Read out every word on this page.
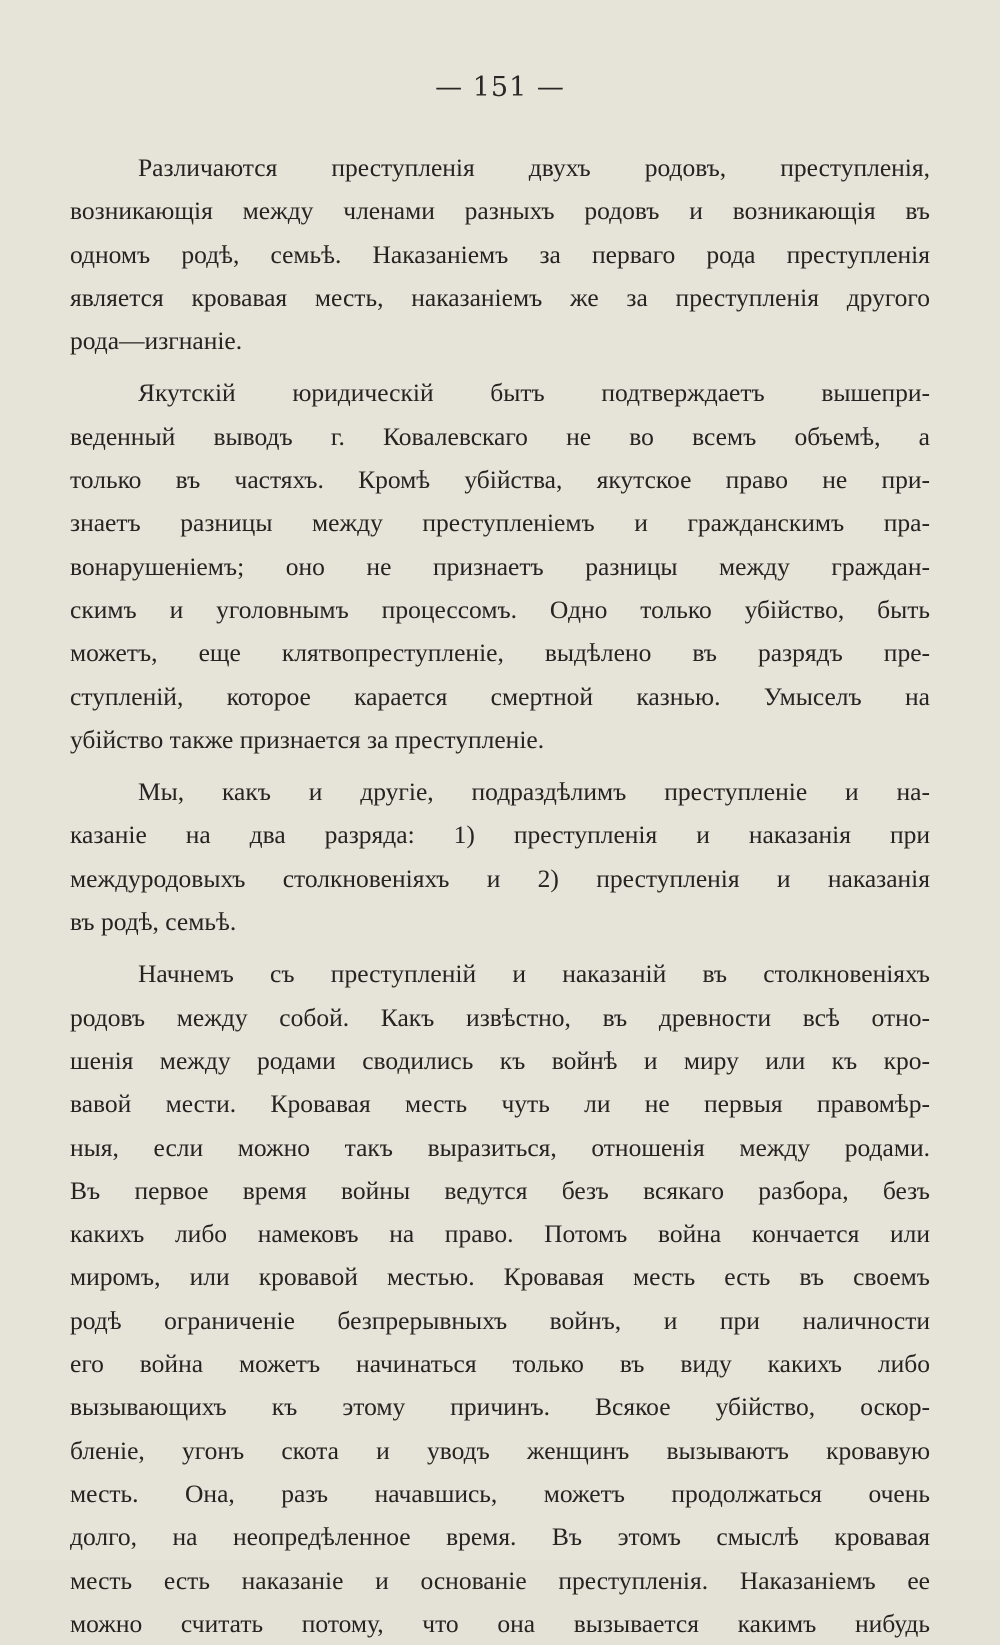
— 151 —
Различаются преступленія двухъ родовъ, преступленія,
возникающія между членами разныхъ родовъ и возникающія въ
одномъ родѣ, семьѣ. Наказаніемъ за перваго рода преступленія
является кровавая месть, наказаніемъ же за преступленія другого
рода—изгнаніе.
Якутскій юридическій бытъ подтверждаетъ вышепри-
веденный выводъ г. Ковалевскаго не во всемъ объемѣ, а
только въ частяхъ. Кромѣ убійства, якутское право не при-
знаетъ разницы между преступленіемъ и гражданскимъ пра-
вонарушеніемъ; оно не признаетъ разницы между граждан-
скимъ и уголовнымъ процессомъ. Одно только убійство, быть
можетъ, еще клятвопреступленіе, выдѣлено въ разрядъ пре-
ступленій, которое карается смертной казнью. Умыселъ на
убійство также признается за преступленіе.
Мы, какъ и другіе, подраздѣлимъ преступленіе и на-
казаніе на два разряда: 1) преступленія и наказанія при
междуродовыхъ столкновеніяхъ и 2) преступленія и наказанія
въ родѣ, семьѣ.
Начнемъ съ преступленій и наказаній въ столкновеніяхъ
родовъ между собой. Какъ извѣстно, въ древности всѣ отно-
шенія между родами сводились къ войнѣ и миру или къ кро-
вавой мести. Кровавая месть чуть ли не первыя правомѣр-
ныя, если можно такъ выразиться, отношенія между родами.
Въ первое время войны ведутся безъ всякаго разбора, безъ
какихъ либо намековъ на право. Потомъ война кончается или
миромъ, или кровавой местью. Кровавая месть есть въ своемъ
родѣ ограниченіе безпрерывныхъ войнъ, и при наличности
его война можетъ начинаться только въ виду какихъ либо
вызывающихъ къ этому причинъ. Всякое убійство, оскор-
бленіе, угонъ скота и уводъ женщинъ вызываютъ кровавую
месть. Она, разъ начавшись, можетъ продолжаться очень
долго, на неопредѣленное время. Въ этомъ смыслѣ кровавая
месть есть наказаніе и основаніе преступленія. Наказаніемъ ее
можно считать потому, что она вызывается какимъ нибудь
